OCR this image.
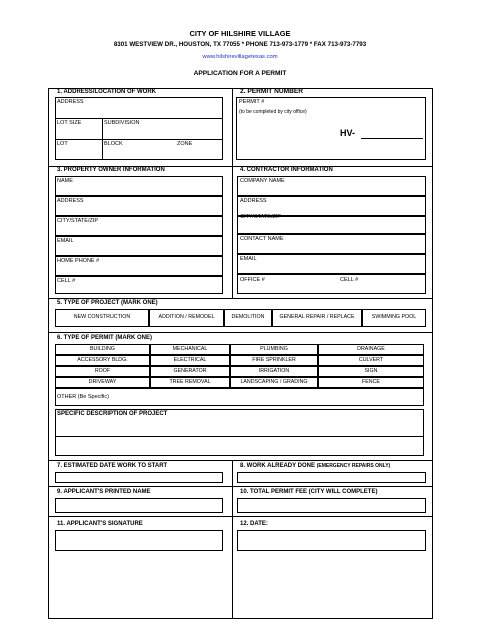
CITY OF HILSHIRE VILLAGE
8301 WESTVIEW DR., HOUSTON, TX 77055 * PHONE 713-973-1779 * FAX 713-973-7793
www.hilshirevillagetexas.com
APPLICATION FOR A PERMIT
1. ADDRESS/LOCATION OF WORK
ADDRESS
LOT SIZE	SUBDIVISION
LOT	BLOCK	ZONE
2. PERMIT NUMBER
PERMIT #
(to be completed by city office)
HV-
3. PROPERTY OWNER INFORMATION
NAME
ADDRESS
CITY/STATE/ZIP
EMAIL
HOME PHONE #
CELL #
4. CONTRACTOR INFORMATION
COMPANY NAME
ADDRESS
CITY/STATE/ZIP
CONTACT NAME
EMAIL
OFFICE #	CELL #
5. TYPE OF PROJECT (MARK ONE)
NEW CONSTRUCTION	ADDITION / REMODEL	DEMOLITION	GENERAL REPAIR / REPLACE	SWIMMING POOL
6. TYPE OF PERMIT (MARK ONE)
BUILDING	MECHANICAL	PLUMBING	DRAINAGE
ACCESSORY BLDG.	ELECTRICAL	FIRE SPRINKLER	CULVERT
ROOF	GENERATOR	IRRIGATION	SIGN
DRIVEWAY	TREE REMOVAL	LANDSCAPING / GRADING	FENCE
OTHER (Be Specific)
SPECIFIC DESCRIPTION OF PROJECT
7. ESTIMATED DATE WORK TO START	8. WORK ALREADY DONE (EMERGENCY REPAIRS ONLY)
9. APPLICANT'S PRINTED NAME	10. TOTAL PERMIT FEE (CITY WILL COMPLETE)
11. APPLICANT'S SIGNATURE	12. DATE:
